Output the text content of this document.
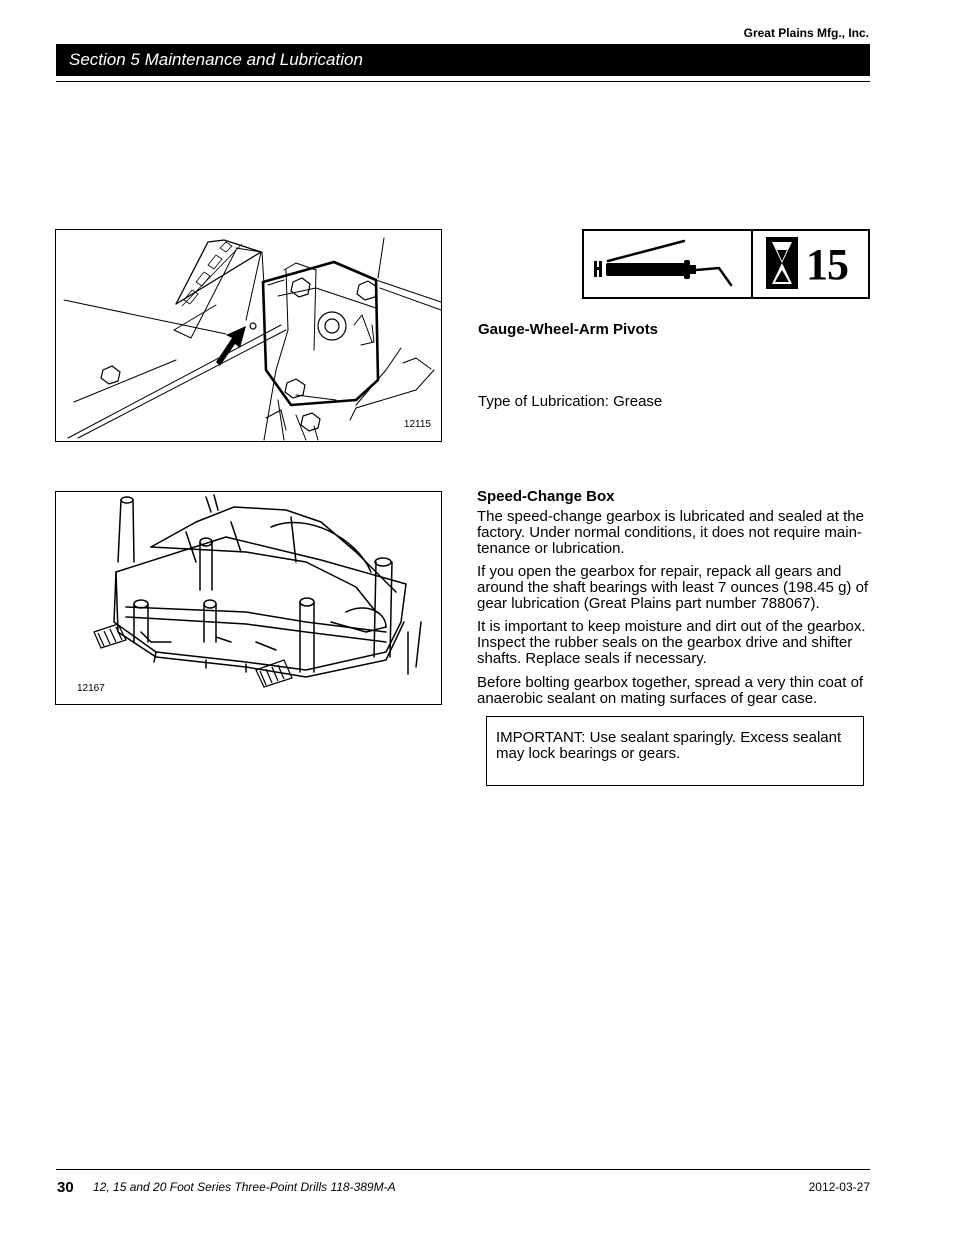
Great Plains Mfg., Inc.
Section 5 Maintenance and Lubrication
12115
12167
15
Gauge-Wheel-Arm Pivots
Type of Lubrication: Grease
Speed-Change Box
The speed-change gearbox is lubricated and sealed at the factory. Under normal conditions, it does not require main-tenance or lubrication.
If you open the gearbox for repair, repack all gears and around the shaft bearings with least 7 ounces (198.45 g) of gear lubrication (Great Plains part number 788067).
It is important to keep moisture and dirt out of the gearbox. Inspect the rubber seals on the gearbox drive and shifter shafts. Replace seals if necessary.
Before bolting gearbox together, spread a very thin coat of anaerobic sealant on mating surfaces of gear case.
IMPORTANT: Use sealant sparingly. Excess sealant may lock bearings or gears.
30 12, 15 and 20 Foot Series Three-Point Drills 118-389M-A	2012-03-27
